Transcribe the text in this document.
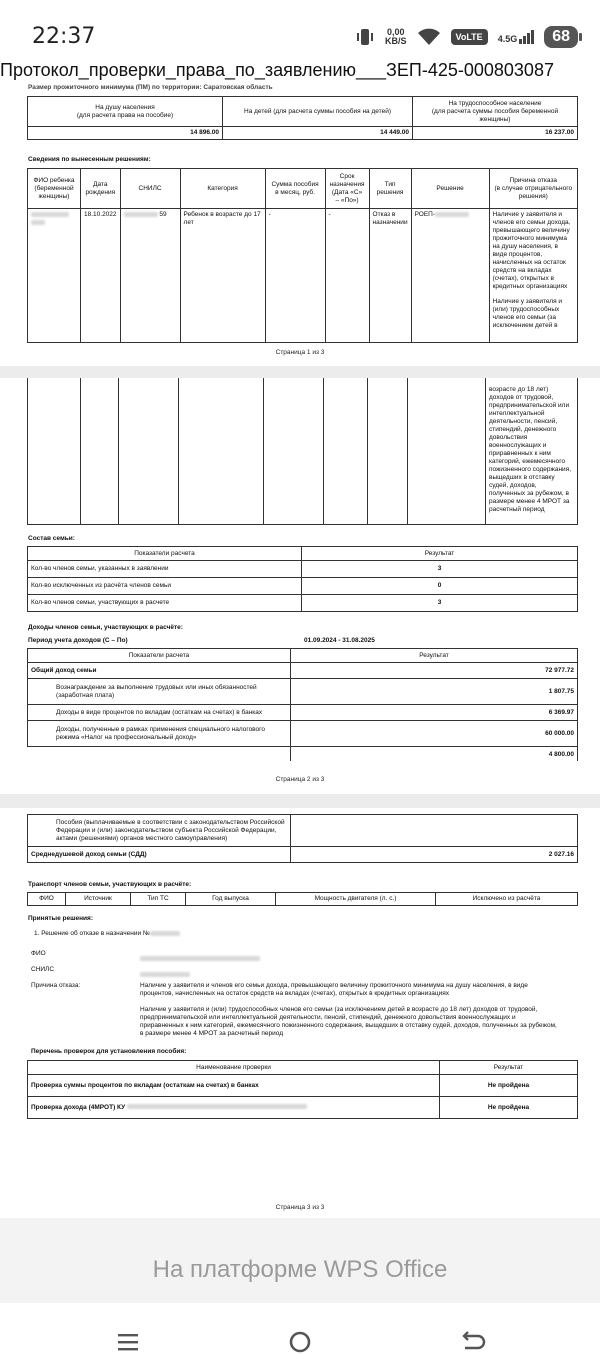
22:37	0,00
KB/S	VoLTE	4.5G	68
Протокол_проверки_права_по_заявлению___ЗЕП-425-000803087
Размер прожиточного минимума (ПМ) по территории: Саратовская область
На душу населения
(для расчета права на пособие)	На детей (для расчета суммы пособия на детей)	На трудоспособное население
(для расчета суммы пособия беременной женщины)
14 896.00	14 449.00	16 237.00
Сведения по вынесенным решениям:
ФИО ребенка
(беременной
женщины)	Дата
рождения	СНИЛС	Категория	Сумма пособия
в месяц, руб.	Срок
назначения
(Дата «С»
– «По»)	Тип
решения	Решение	Причина отказа
(в случае отрицательного
решения)

	18.10.2022	59	Ребенок в возрасте до 17 лет	-	-	Отказ в назначении	РОЕП-	Наличие у заявителя и членов его семьи дохода, превышающего величину прожиточного минимума на душу населения, в виде процентов, начисленных на остаток средств на вкладах (счетах), открытых в кредитных организациях
Наличие у заявителя и (или) трудоспособных членов его семьи (за исключением детей в
Страница 1 из 3
								возрасте до 18 лет) доходов от трудовой, предпринимательской или интеллектуальной деятельности, пенсий, стипендий, денежного довольствия военнослужащих и приравненных к ним категорий, ежемесячного пожизненного содержания, выщедших в отставку судей, доходов, полученных за рубежом, в размере менее 4 МРОТ за расчетный период
Состав семьи:
Показатели расчета	Результат
Кол-во членов семьи, указанных в заявлении	3
Кол-во исключенных из расчёта членов семьи	0
Кол-во членов семьи, участвующих в расчете	3
Доходы членов семьи, участвующих в расчёте:
Период учета доходов (С – По)	01.09.2024 - 31.08.2025
Показатели расчета	Результат
Общий доход семьи	72 977.72
Вознаграждение за выполнение трудовых или иных обязанностей (заработная плата)	1 807.75
Доходы в виде процентов по вкладам (остаткам на счетах) в банках	6 369.97
Доходы, полученные в рамках применения специального налогового режима «Налог на профессиональный доход»	60 000.00
	4 800.00
Страница 2 из 3
Пособия (выплачиваемые в соответствии с законодательством Российской Федерации и (или) законодательством субъекта Российской Федерации, актами (решениями) органов местного самоуправления)	
Среднедушевой доход семьи (СДД)	2 027.16
Транспорт членов семьи, участвующих в расчёте:
ФИО	Источник	Тип ТС	Год выпуска	Мощность двигателя (л. с.)	Исключено из расчёта
Принятые решения:
1. Решение об отказе в назначении №
ФИО
СНИЛС
Причина отказа:	Наличие у заявителя и членов его семьи дохода, превышающего величину прожиточного минимума на душу населения, в виде процентов, начисленных на остаток средств на вкладах (счетах), открытых в кредитных организациях
Наличие у заявителя и (или) трудоспособных членов его семьи (за исключением детей в возрасте до 18 лет) доходов от трудовой, предпринимательской или интеллектуальной деятельности, пенсий, стипендий, денежного довольствия военнослужащих и приравненных к ним категорий, ежемесячного пожизненного содержания, выщедших в отставку судей, доходов, полученных за рубежом, в размере менее 4 МРОТ за расчетный период
Перечень проверок для установления пособия:
Наименование проверки	Результат
Проверка суммы процентов по вкладам (остаткам на счетах) в банках	Не пройдена
Проверка дохода (4МРОТ) КУ	Не пройдена
Страница 3 из 3
На платформе WPS Office
